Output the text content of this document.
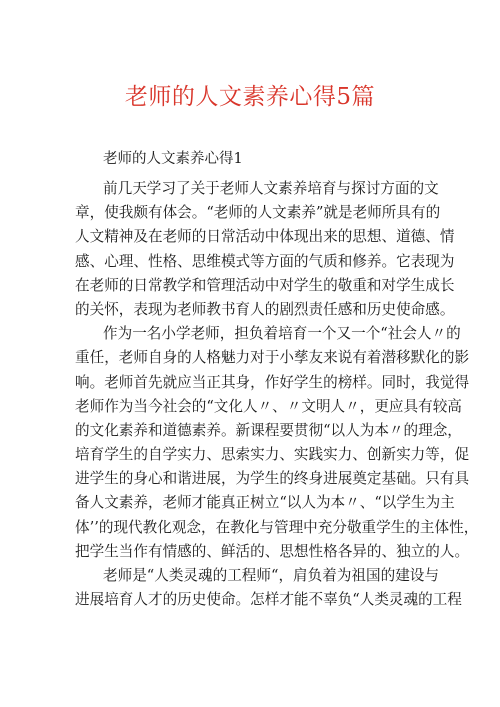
老师的人文素养心得5篇
老师的人文素养心得1
前几天学习了关于老师人文素养培育与探讨方面的文
章，使我颇有体会。“老师的人文素养”就是老师所具有的
人文精神及在老师的日常活动中体现出来的思想、道德、情
感、心理、性格、思维模式等方面的气质和修养。它表现为
在老师的日常教学和管理活动中对学生的敬重和对学生成长
的关怀，表现为老师教书育人的剧烈责任感和历史使命感。
作为一名小学老师，担负着培育一个又一个“社会人〃的
重任，老师自身的人格魅力对于小孳友来说有着潜移默化的影
响。老师首先就应当正其身，作好学生的榜样。同时，我觉得
老师作为当今社会的“文化人〃、〃文明人〃，更应具有较高
的文化素养和道德素养。新课程要贯彻“以人为本〃的理念，
培育学生的自学实力、思索实力、实践实力、创新实力等，促
进学生的身心和谐进展，为学生的终身进展奠定基础。只有具
备人文素养，老师才能真正树立“以人为本〃、“以学生为主
体’’的现代教化观念，在教化与管理中充分敬重学生的主体性，
把学生当作有情感的、鲜活的、思想性格各异的、独立的人。
老师是“人类灵魂的工程师“，肩负着为祖国的建设与
进展培育人才的历史使命。怎样才能不辜负“人类灵魂的工程
